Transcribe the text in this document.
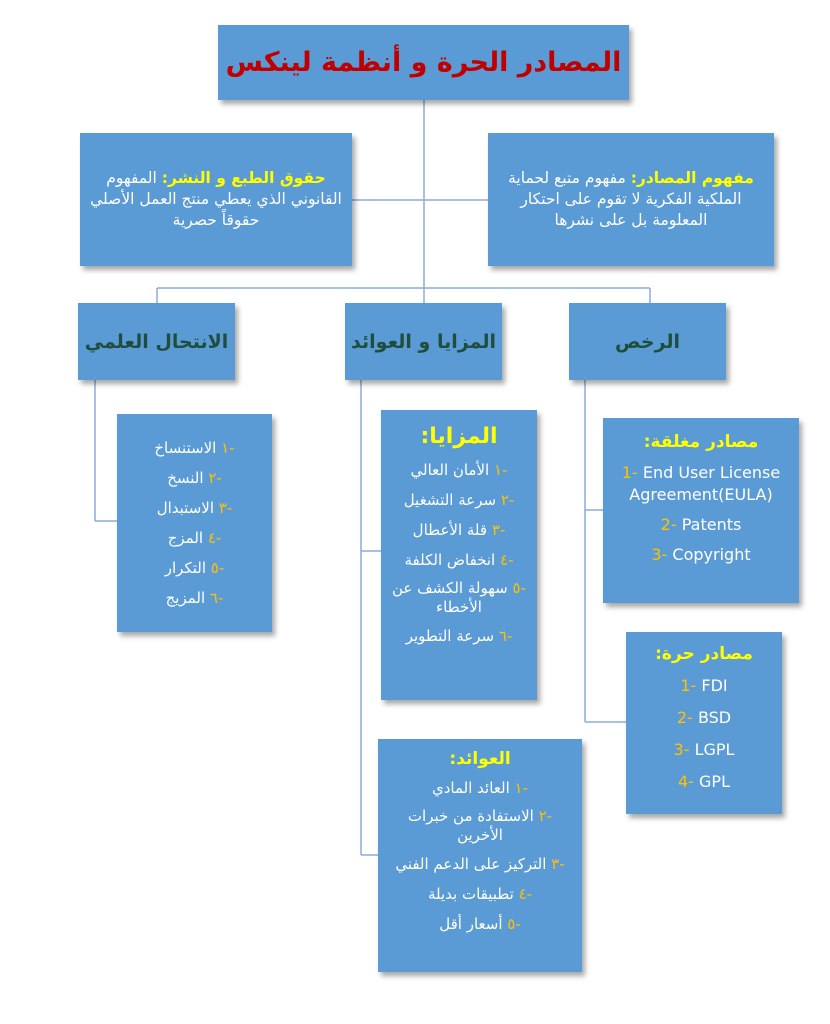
المصادر الحرة و أنظمة لينكس
مفهوم المصادر: مفهوم متبع لحماية الملكية الفكرية لا تقوم على احتكار المعلومة بل على نشرها
حقوق الطبع و النشر: المفهوم القانوني الذي يعطي منتج العمل الأصلي حقوقاً حصرية
الانتحال العلمي	المزايا و العوائد	الرخص
-١ الاستنساخ
-٢ النسخ
-٣ الاستبدال
-٤ المزج
-٥ التكرار
-٦ المزيج
المزايا:
-١ الأمان العالي
-٢ سرعة التشغيل
-٣ قلة الأعطال
-٤ انخفاض الكلفة
-٥ سهولة الكشف عن الأخطاء
-٦ سرعة التطوير
العوائد:
-١ العائد المادي
-٢ الاستفادة من خبرات الأخرين
-٣ التركيز على الدعم الفني
-٤ تطبيقات بديلة
-٥ أسعار أقل
مصادر مغلقة:
1- End User License Agreement(EULA)
2- Patents
3- Copyright
مصادر حرة:
1- FDI
2- BSD
3- LGPL
4- GPL
